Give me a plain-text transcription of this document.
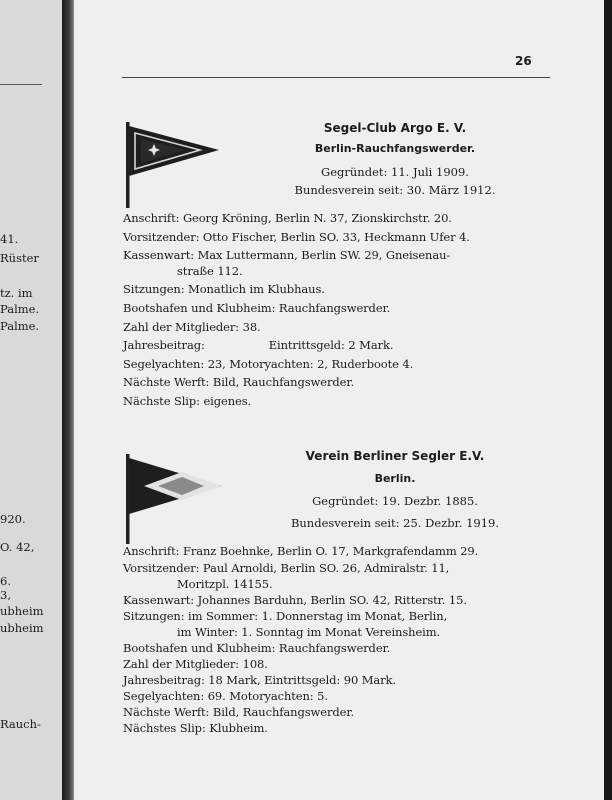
41.
Rüster
tz. im
Palme.
Palme.
920.
O. 42,
6.
3,
ubheim
ubheim
Rauch-
26
Segel-Club Argo E. V.
Berlin-Rauchfangswerder.
Gegründet: 11. Juli 1909.
Bundesverein seit: 30. März 1912.
Anschrift: Georg Kröning, Berlin N. 37, Zionskirchstr. 20.
Vorsitzender: Otto Fischer, Berlin SO. 33, Heckmann Ufer 4.
Kassenwart: Max Luttermann, Berlin SW. 29, Gneisenau-
straße 112.
Sitzungen: Monatlich im Klubhaus.
Bootshafen und Klubheim: Rauchfangswerder.
Zahl der Mitglieder: 38.
Jahresbeitrag:                  Eintrittsgeld: 2 Mark.
Segelyachten: 23, Motoryachten: 2, Ruderboote 4.
Nächste Werft: Bild, Rauchfangswerder.
Nächste Slip: eigenes.
Verein Berliner Segler E.V.
Berlin.
Gegründet: 19. Dezbr. 1885.
Bundesverein seit: 25. Dezbr. 1919.
Anschrift: Franz Boehnke, Berlin O. 17, Markgrafendamm 29.
Vorsitzender: Paul Arnoldi, Berlin SO. 26, Admiralstr. 11,
Moritzpl. 14155.
Kassenwart: Johannes Barduhn, Berlin SO. 42, Ritterstr. 15.
Sitzungen: im Sommer: 1. Donnerstag im Monat, Berlin,
im Winter: 1. Sonntag im Monat Vereinsheim.
Bootshafen und Klubheim: Rauchfangswerder.
Zahl der Mitglieder: 108.
Jahresbeitrag: 18 Mark, Eintrittsgeld: 90 Mark.
Segelyachten: 69. Motoryachten: 5.
Nächste Werft: Bild, Rauchfangswerder.
Nächstes Slip: Klubheim.
